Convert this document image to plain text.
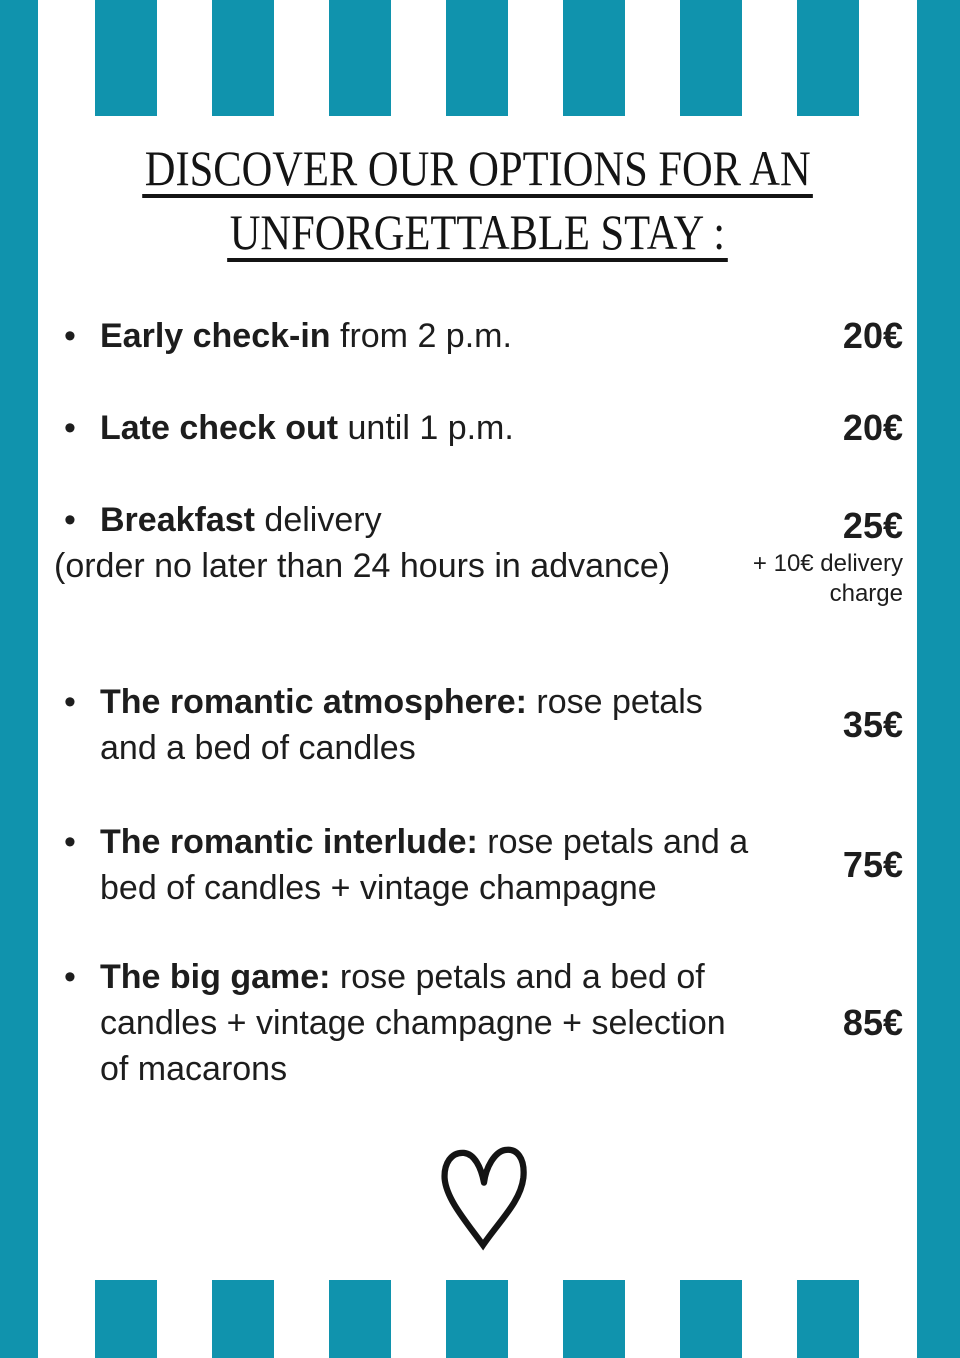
DISCOVER OUR OPTIONS FOR AN
UNFORGETTABLE STAY :
• Early check-in from 2 p.m.	20€
• Late check out until 1 p.m.	20€
• Breakfast delivery
(order no later than 24 hours in advance)
25€
+ 10€ delivery charge
• The romantic atmosphere: rose petals and a bed of candles
35€
• The romantic interlude: rose petals and a bed of candles + vintage champagne
75€
• The big game: rose petals and a bed of candles + vintage champagne + selection of macarons
85€
